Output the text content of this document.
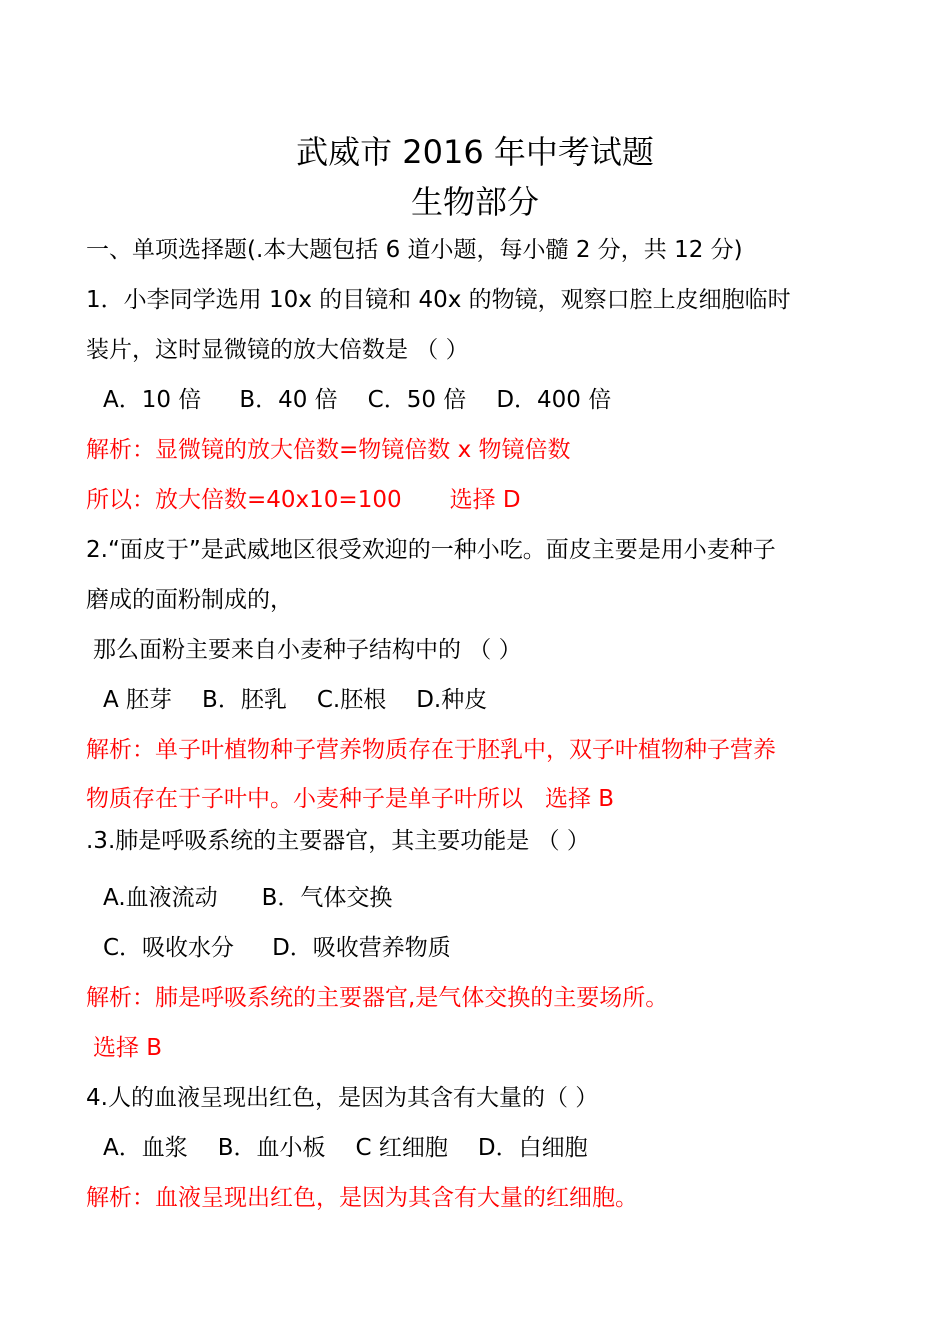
武威市 2016 年中考试题
生物部分
一、单项选择题(.本大题包括 6 道小题，每小髓 2 分，共 12 分)
1．小李同学选用 10x 的目镜和 40x 的物镜，观察口腔上皮细胞临时
装片，这时显微镜的放大倍数是 （ ）
A．10 倍 B．40 倍 C．50 倍 D．400 倍
解析：显微镜的放大倍数=物镜倍数 x 物镜倍数
所以：放大倍数=40x10=100 选择 D
2.“面皮于”是武威地区很受欢迎的一种小吃。面皮主要是用小麦种子
磨成的面粉制成的，
那么面粉主要来自小麦种子结构中的 （ ）
A 胚芽 B．胚乳 C.胚根 D.种皮
解析：单子叶植物种子营养物质存在于胚乳中，双子叶植物种子营养
物质存在于子叶中。小麦种子是单子叶所以 选择 B
.3.肺是呼吸系统的主要器官，其主要功能是 （ ）
A.血液流动 B．气体交换
C．吸收水分 D．吸收营养物质
解析：肺是呼吸系统的主要器官,是气体交换的主要场所。
选择 B
4.人的血液呈现出红色，是因为其含有大量的（ ）
A．血浆 B．血小板 C 红细胞 D．白细胞
解析：血液呈现出红色，是因为其含有大量的红细胞。
